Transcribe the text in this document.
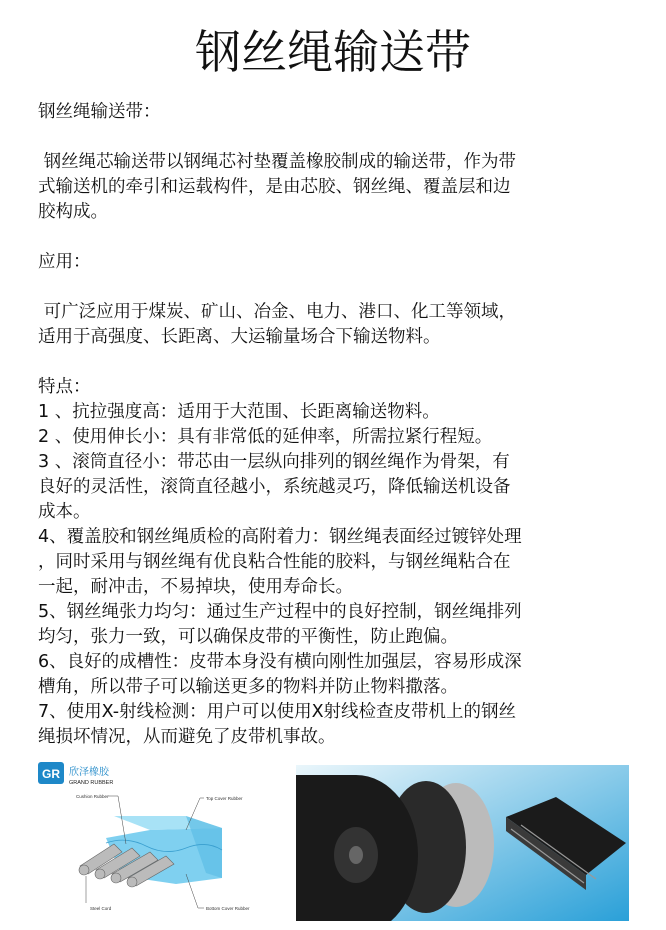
钢丝绳输送带
钢丝绳输送带：
钢丝绳芯输送带以钢绳芯衬垫覆盖橡胶制成的输送带，作为带
式输送机的牵引和运载构件，是由芯胶、钢丝绳、覆盖层和边
胶构成。
应用：
可广泛应用于煤炭、矿山、冶金、电力、港口、化工等领域，
适用于高强度、长距离、大运输量场合下输送物料。
特点：
1 、抗拉强度高：适用于大范围、长距离输送物料。
2 、使用伸长小：具有非常低的延伸率，所需拉紧行程短。
3 、滚筒直径小：带芯由一层纵向排列的钢丝绳作为骨架，有
良好的灵活性，滚筒直径越小，系统越灵巧，降低输送机设备
成本。
4、覆盖胶和钢丝绳质检的高附着力：钢丝绳表面经过镀锌处理
，同时采用与钢丝绳有优良粘合性能的胶料，与钢丝绳粘合在
一起，耐冲击，不易掉块，使用寿命长。
5、钢丝绳张力均匀：通过生产过程中的良好控制，钢丝绳排列
均匀，张力一致，可以确保皮带的平衡性，防止跑偏。
6、良好的成槽性：皮带本身没有横向刚性加强层，容易形成深
槽角，所以带子可以输送更多的物料并防止物料撒落。
7、使用X-射线检测：用户可以使用X射线检查皮带机上的钢丝
绳损坏情况，从而避免了皮带机事故。
GR 欣泽橡胶
GRAND RUBBER
Cushion Rubber	Top Cover Rubber
Steel Cord	Bottom Cover Rubber
